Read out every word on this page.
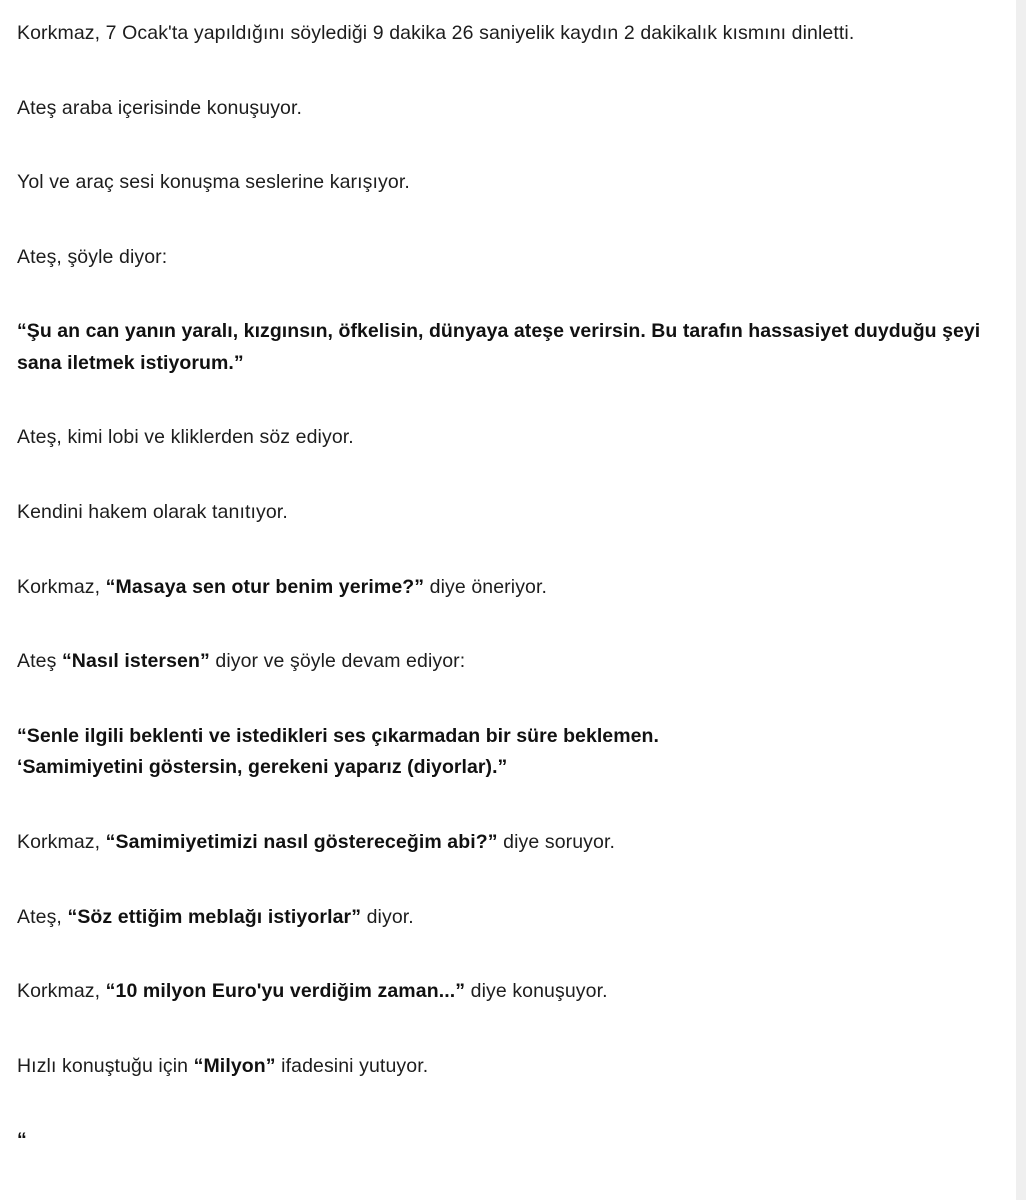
Korkmaz, 7 Ocak'ta yapıldığını söylediği 9 dakika 26 saniyelik kaydın 2 dakikalık kısmını dinletti.

Ateş araba içerisinde konuşuyor.

Yol ve araç sesi konuşma seslerine karışıyor.

Ateş, şöyle diyor:

“Şu an can yanın yaralı, kızgınsın, öfkelisin, dünyaya ateşe verirsin. Bu tarafın hassasiyet duyduğu şeyi sana iletmek istiyorum.”

Ateş, kimi lobi ve kliklerden söz ediyor.

Kendini hakem olarak tanıtıyor.

Korkmaz, “Masaya sen otur benim yerime?” diye öneriyor.

Ateş “Nasıl istersen” diyor ve şöyle devam ediyor:

“Senle ilgili beklenti ve istedikleri ses çıkarmadan bir süre beklemen.
‘Samimiyetini göstersin, gerekeni yaparız (diyorlar).”

Korkmaz, “Samimiyetimizi nasıl göstereceğim abi?” diye soruyor.

Ateş, “Söz ettiğim meblağı istiyorlar” diyor.

Korkmaz, “10 milyon Euro'yu verdiğim zaman...” diye konuşuyor.

Hızlı konuştuğu için “Milyon” ifadesini yutuyor.

“
